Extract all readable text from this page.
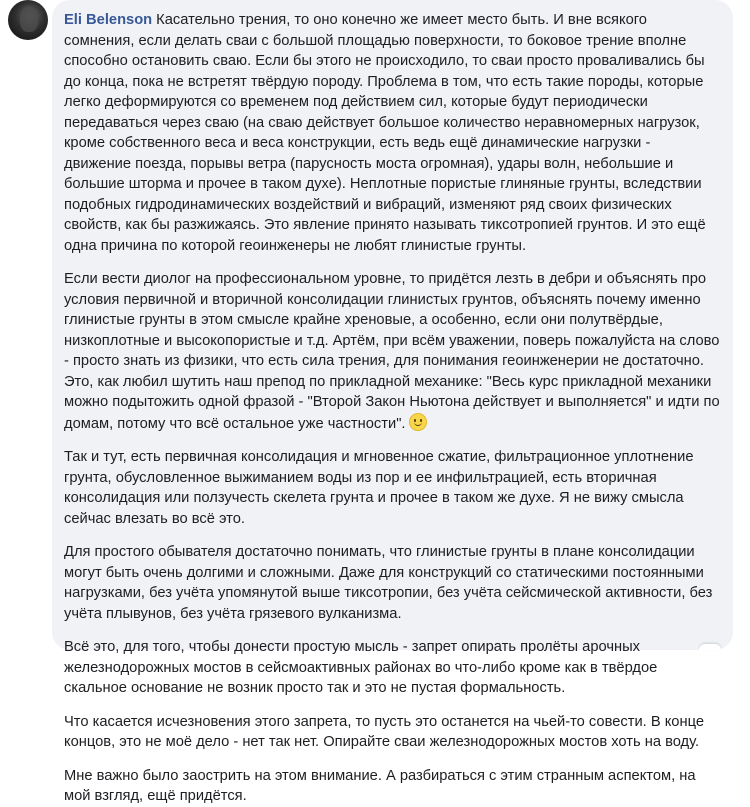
Eli Belenson Касательно трения, то оно конечно же имеет место быть. И вне всякого сомнения, если делать сваи с большой площадью поверхности, то боковое трение вполне способно остановить сваю. Если бы этого не происходило, то сваи просто проваливались бы до конца, пока не встретят твёрдую породу. Проблема в том, что есть такие породы, которые легко деформируются со временем под действием сил, которые будут периодически передаваться через сваю (на сваю действует большое количество неравномерных нагрузок, кроме собственного веса и веса конструкции, есть ведь ещё динамические нагрузки - движение поезда, порывы ветра (парусность моста огромная), удары волн, небольшие и большие шторма и прочее в таком духе). Неплотные пористые глиняные грунты, вследствии подобных гидродинамических воздействий и вибраций, изменяют ряд своих физических свойств, как бы разжижаясь. Это явление принято называть тиксотропией грунтов. И это ещё одна причина по которой геоинженеры не любят глинистые грунты.

Если вести диолог на профессиональном уровне, то придётся лезть в дебри и объяснять про условия первичной и вторичной консолидации глинистых грунтов, объяснять почему именно глинистые грунты в этом смысле крайне хреновые, а особенно, если они полутвёрдые, низкоплотные и высокопористые и т.д. Артём, при всём уважении, поверь пожалуйста на слово - просто знать из физики, что есть сила трения, для понимания геоинженерии не достаточно. Это, как любил шутить наш препод по прикладной механике: "Весь курс прикладной механики можно подытожить одной фразой - "Второй Закон Ньютона действует и выполняется" и идти по домам, потому что всё остальное уже частности".

Так и тут, есть первичная консолидация и мгновенное сжатие, фильтрационное уплотнение грунта, обусловленное выжиманием воды из пор и ее инфильтрацией, есть вторичная консолидация или ползучесть скелета грунта и прочее в таком же духе. Я не вижу смысла сейчас влезать во всё это.

Для простого обывателя достаточно понимать, что глинистые грунты в плане консолидации могут быть очень долгими и сложными. Даже для конструкций со статическими постоянными нагрузками, без учёта упомянутой выше тиксотропии, без учёта сейсмической активности, без учёта плывунов, без учёта грязевого вулканизма.

Всё это, для того, чтобы донести простую мысль - запрет опирать пролёты арочных железнодорожных мостов в сейсмоактивных районах во что-либо кроме как в твёрдое скальное основание не возник просто так и это не пустая формальность.

Что касается исчезновения этого запрета, то пусть это останется на чьей-то совести. В конце концов, это не моё дело - нет так нет. Опирайте сваи железнодорожных мостов хоть на воду.

Мне важно было заострить на этом внимание. А разбираться с этим странным аспектом, на мой взгляд, ещё придётся.
